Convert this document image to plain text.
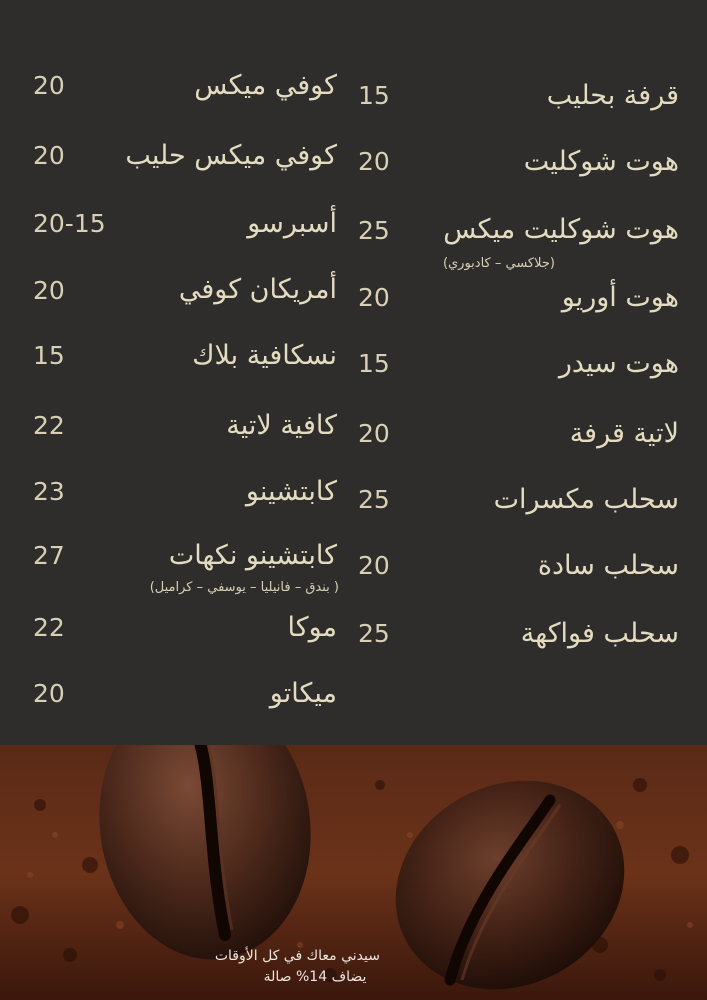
قرفة بحليب
15
هوت شوكليت
20
هوت شوكليت ميكس
25
(جلاكسي – كادبوري)
هوت أوريو
20
هوت سيدر
15
لاتية قرفة
20
سحلب مكسرات
25
سحلب سادة
20
سحلب فواكهة
25
كوفي ميكس
20
كوفي ميكس حليب
20
أسبرسو
20-15
أمريكان كوفي
20
نسكافية بلاك
15
كافية لاتية
22
كابتشينو
23
كابتشينو نكهات
27
( بندق – فانيليا – يوسفي – كراميل)
موكا
22
ميكاتو
20
سيدني معاك في كل الأوقات
يضاف 14% صالة
